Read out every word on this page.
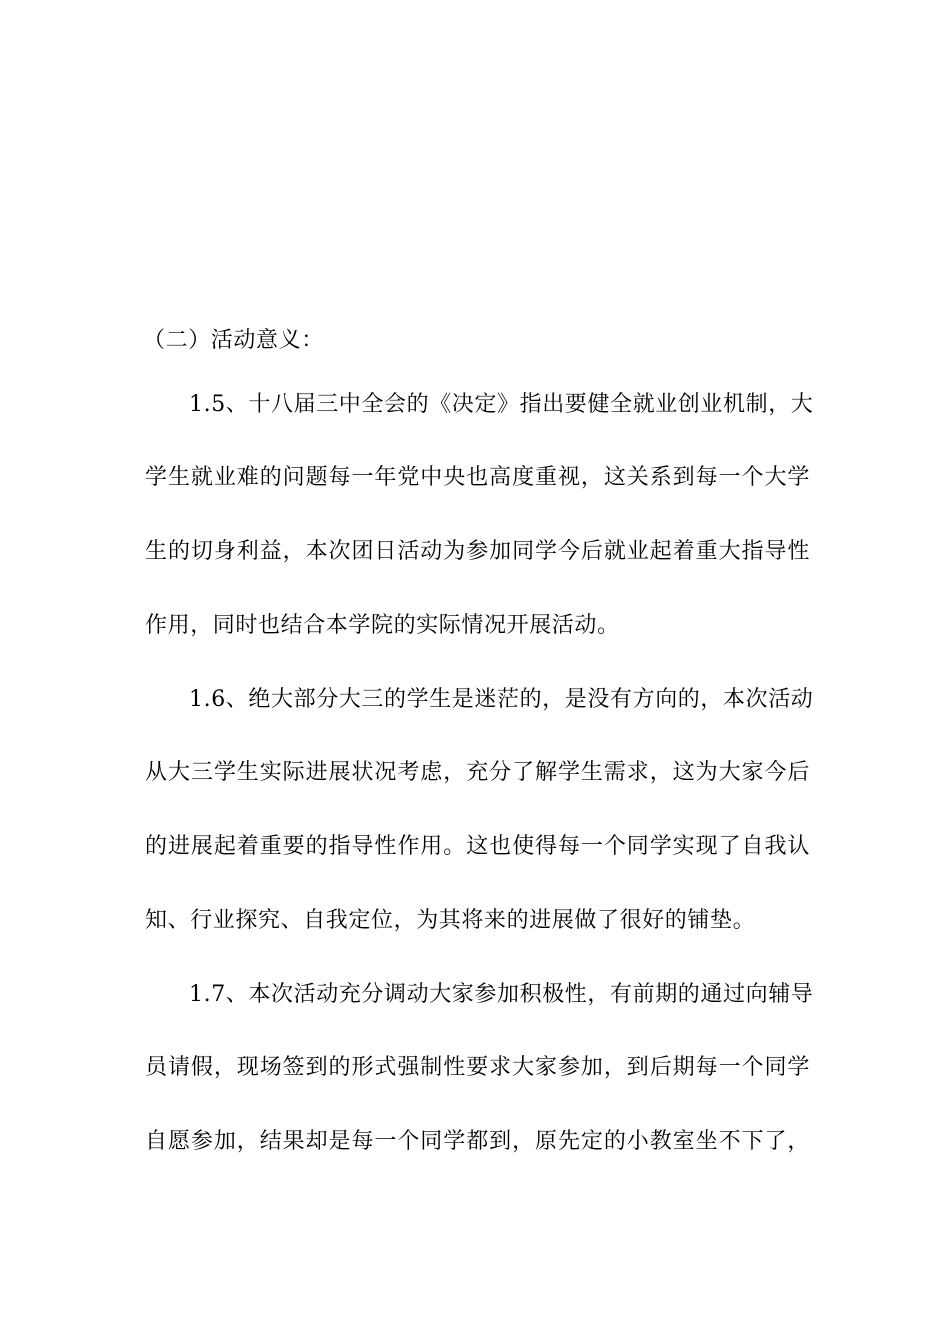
（二）活动意义：
1.5、十八届三中全会的《决定》指出要健全就业创业机制，大
学生就业难的问题每一年党中央也高度重视，这关系到每一个大学
生的切身利益，本次团日活动为参加同学今后就业起着重大指导性
作用，同时也结合本学院的实际情况开展活动。
1.6、绝大部分大三的学生是迷茫的，是没有方向的，本次活动
从大三学生实际进展状况考虑，充分了解学生需求，这为大家今后
的进展起着重要的指导性作用。这也使得每一个同学实现了自我认
知、行业探究、自我定位，为其将来的进展做了很好的铺垫。
1.7、本次活动充分调动大家参加积极性，有前期的通过向辅导
员请假，现场签到的形式强制性要求大家参加，到后期每一个同学
自愿参加，结果却是每一个同学都到，原先定的小教室坐不下了，
